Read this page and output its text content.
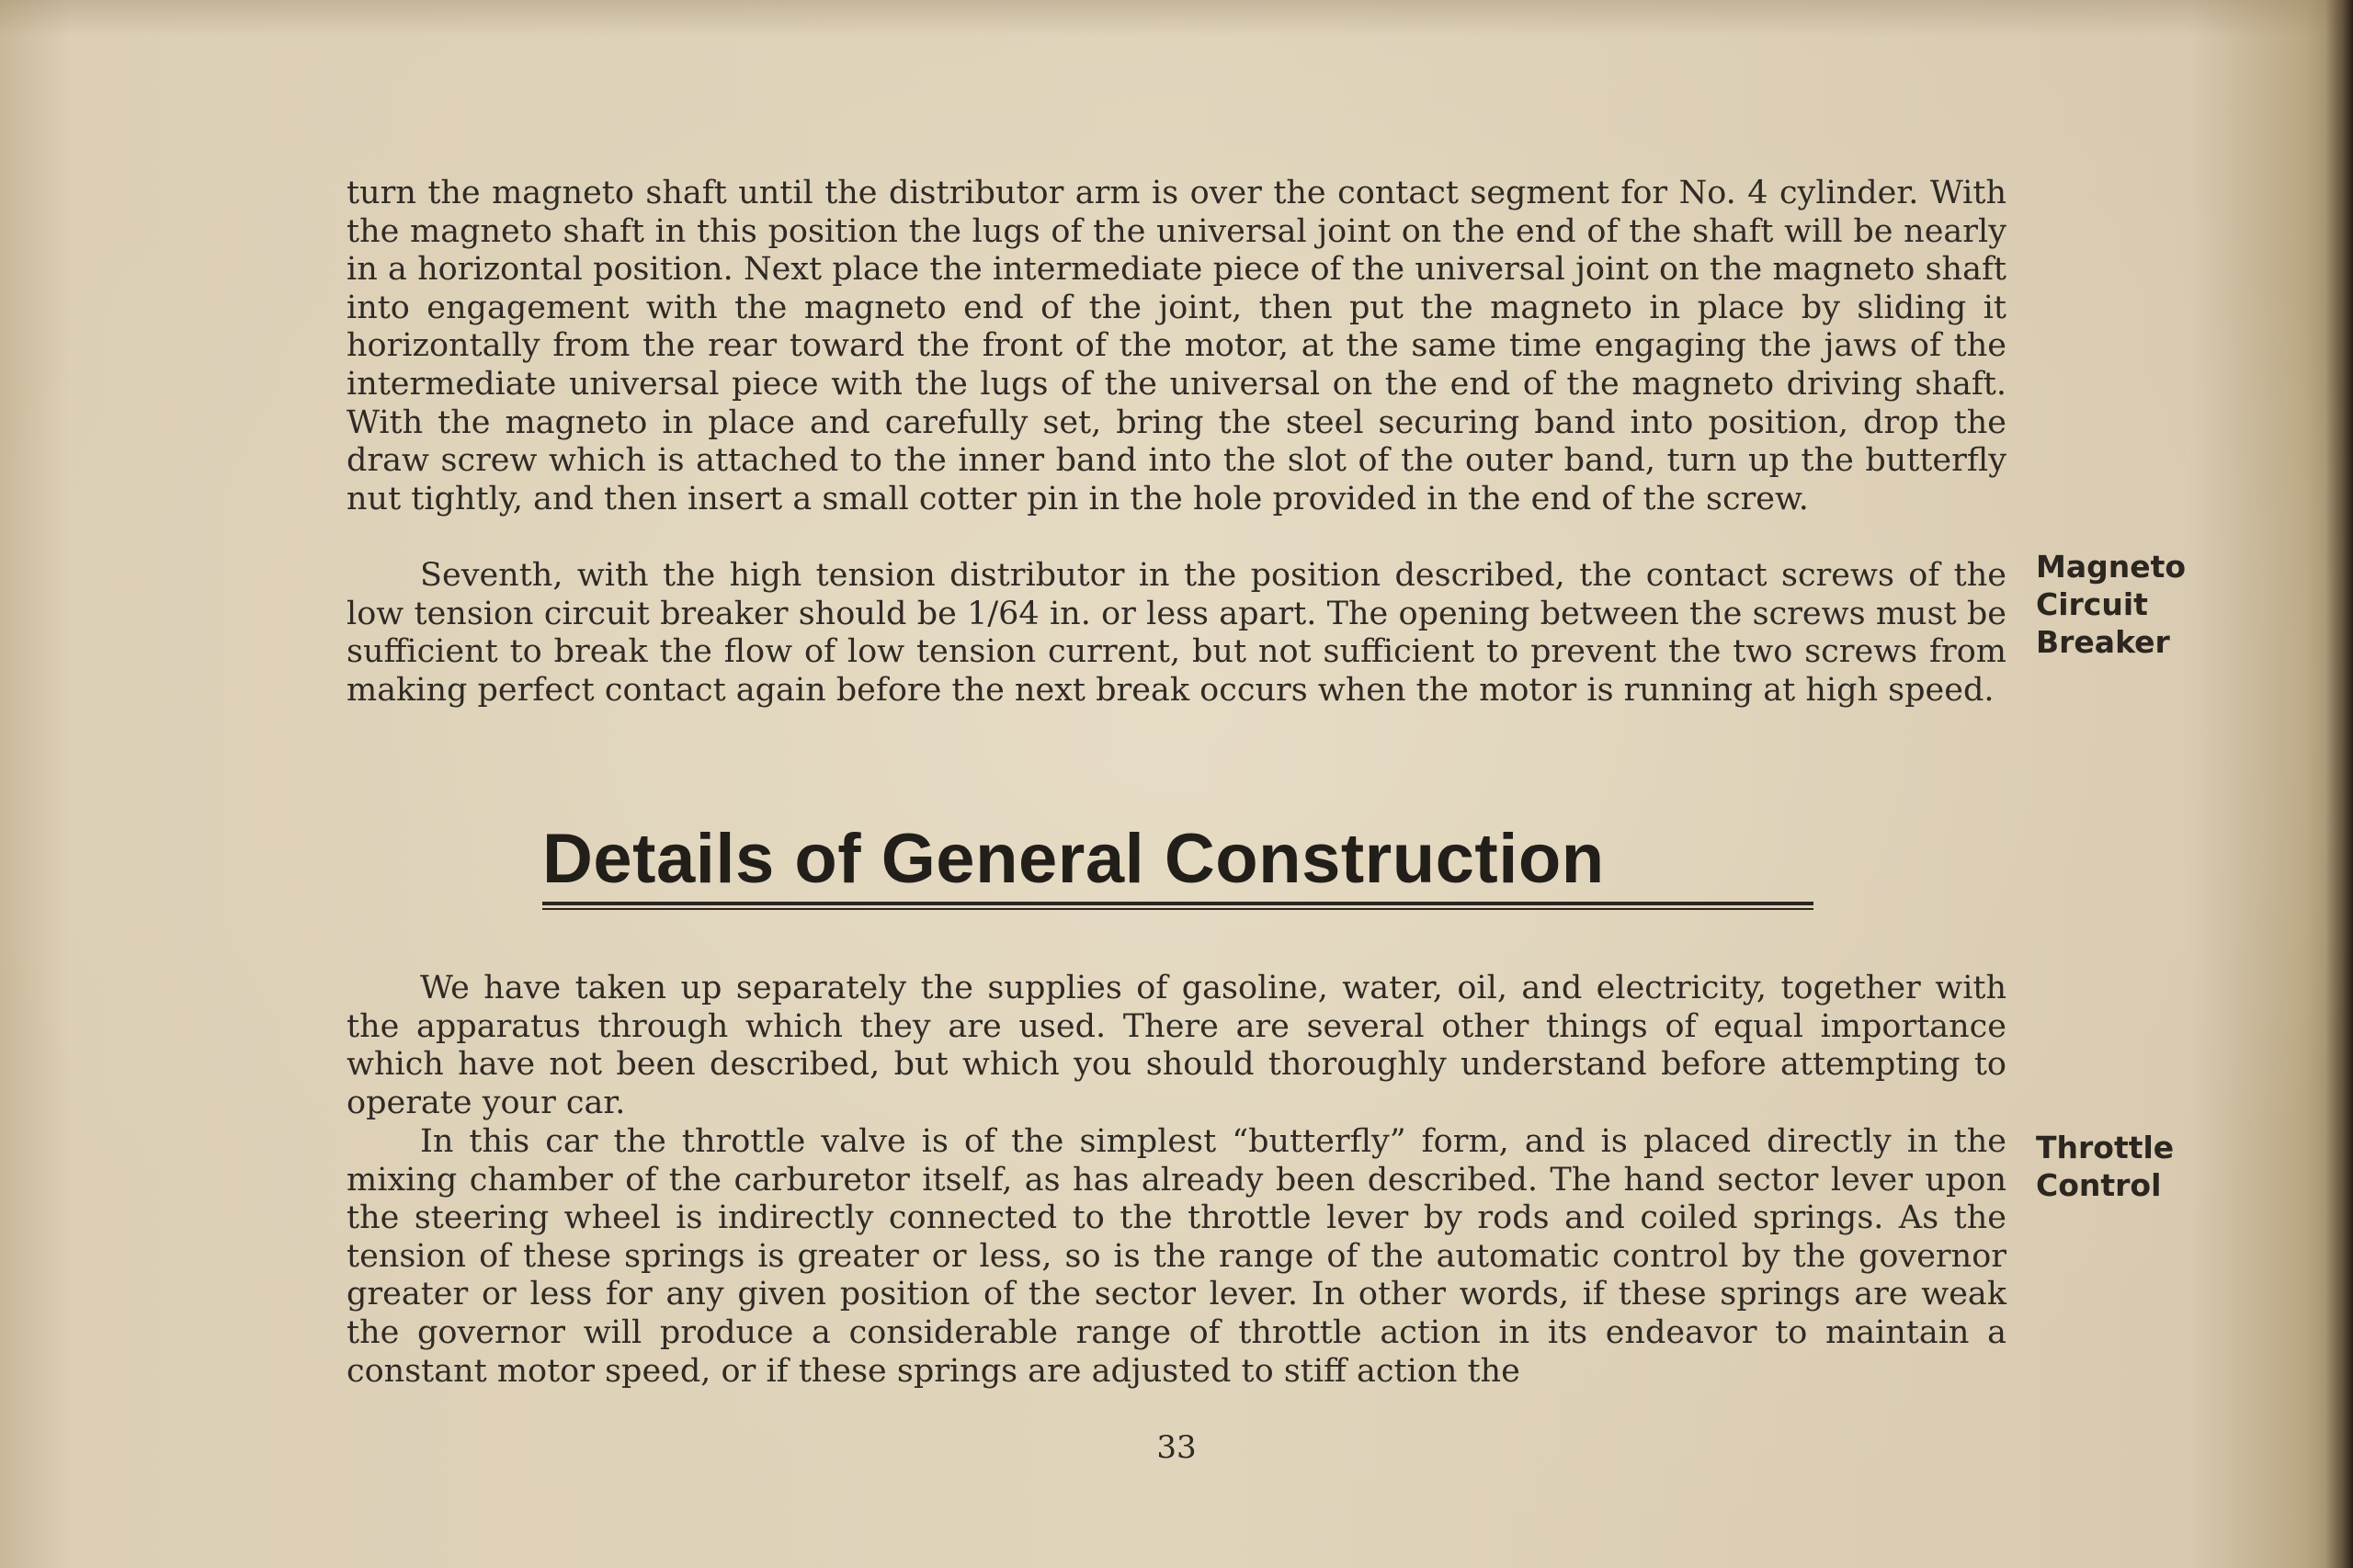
turn the magneto shaft until the distributor arm is over the contact segment for No. 4 cylinder. With the magneto shaft in this position the lugs of the universal joint on the end of the shaft will be nearly in a horizontal position. Next place the intermediate piece of the universal joint on the magneto shaft into engagement with the magneto end of the joint, then put the magneto in place by sliding it horizontally from the rear toward the front of the motor, at the same time engaging the jaws of the intermediate universal piece with the lugs of the universal on the end of the magneto driving shaft. With the magneto in place and carefully set, bring the steel securing band into position, drop the draw screw which is attached to the inner band into the slot of the outer band, turn up the butterfly nut tightly, and then insert a small cotter pin in the hole provided in the end of the screw.

Seventh, with the high tension distributor in the position described, the contact screws of the low tension circuit breaker should be 1/64 in. or less apart. The opening between the screws must be sufficient to break the flow of low tension current, but not sufficient to prevent the two screws from making perfect contact again before the next break occurs when the motor is running at high speed.

Magneto
Circuit
Breaker
Details of General Construction

We have taken up separately the supplies of gasoline, water, oil, and electricity, together with the apparatus through which they are used. There are several other things of equal importance which have not been described, but which you should thoroughly understand before attempting to operate your car.

In this car the throttle valve is of the simplest “butterfly” form, and is placed directly in the mixing chamber of the carburetor itself, as has already been described. The hand sector lever upon the steering wheel is indirectly connected to the throttle lever by rods and coiled springs. As the tension of these springs is greater or less, so is the range of the automatic control by the governor greater or less for any given position of the sector lever. In other words, if these springs are weak the governor will produce a considerable range of throttle action in its endeavor to maintain a constant motor speed, or if these springs are adjusted to stiff action the

Throttle
Control

33
